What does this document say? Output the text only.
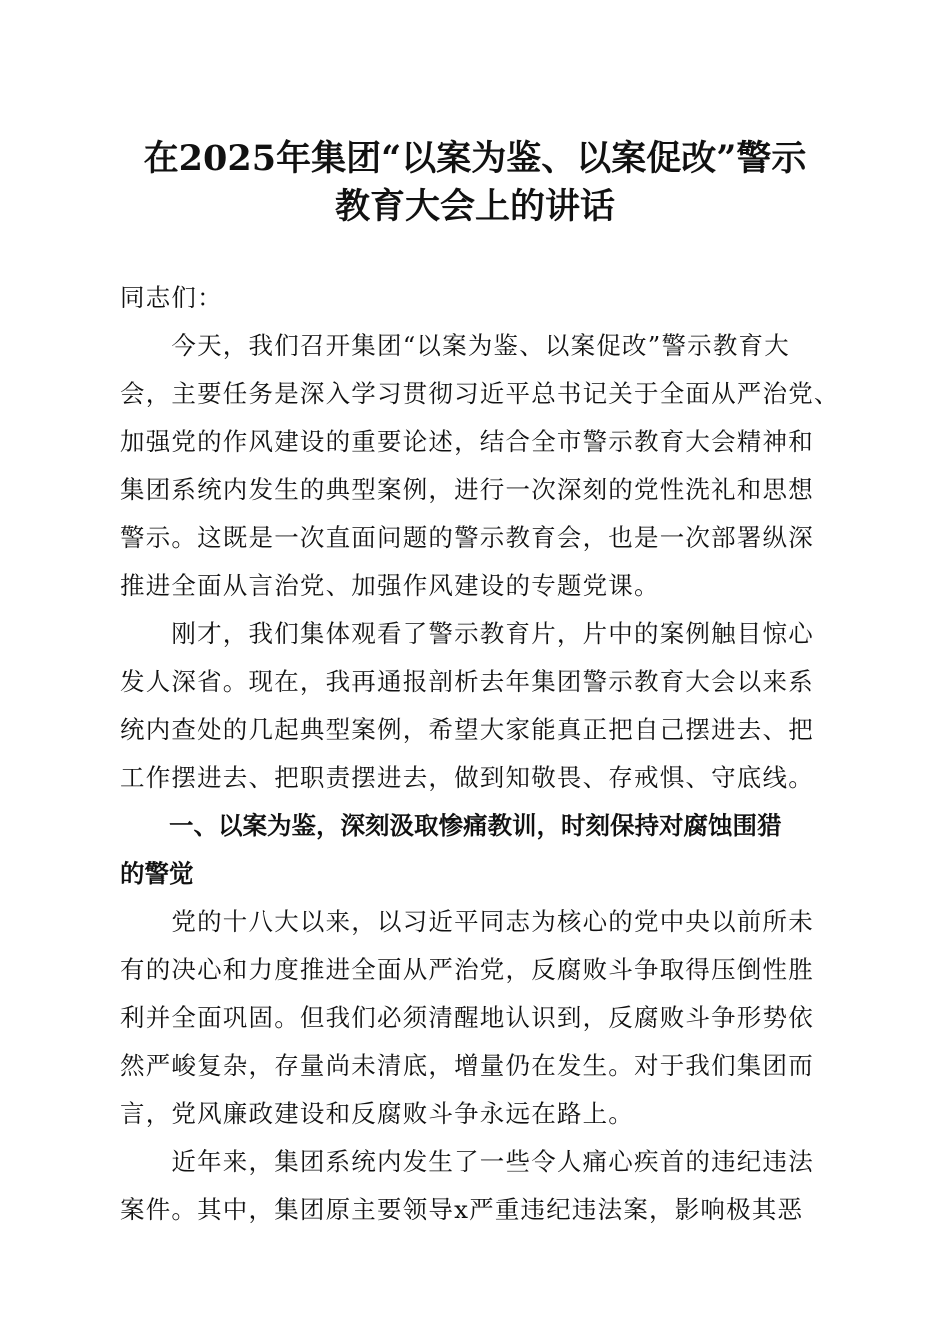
在2025年集团“以案为鉴、以案促改”警示
教育大会上的讲话
同志们：
　　今天，我们召开集团“以案为鉴、以案促改”警示教育大
会，主要任务是深入学习贯彻习近平总书记关于全面从严治党、
加强党的作风建设的重要论述，结合全市警示教育大会精神和
集团系统内发生的典型案例，进行一次深刻的党性洗礼和思想
警示。这既是一次直面问题的警示教育会，也是一次部署纵深
推进全面从言治党、加强作风建设的专题党课。
　　刚才，我们集体观看了警示教育片，片中的案例触目惊心
发人深省。现在，我再通报剖析去年集团警示教育大会以来系
统内查处的几起典型案例，希望大家能真正把自己摆进去、把
工作摆进去、把职责摆进去，做到知敬畏、存戒惧、守底线。
　　一、以案为鉴，深刻汲取惨痛教训，时刻保持对腐蚀围猎
的警觉
　　党的十八大以来，以习近平同志为核心的党中央以前所未
有的决心和力度推进全面从严治党，反腐败斗争取得压倒性胜
利并全面巩固。但我们必须清醒地认识到，反腐败斗争形势依
然严峻复杂，存量尚未清底，增量仍在发生。对于我们集团而
言，党风廉政建设和反腐败斗争永远在路上。
　　近年来，集团系统内发生了一些令人痛心疾首的违纪违法
案件。其中，集团原主要领导x严重违纪违法案，影响极其恶
